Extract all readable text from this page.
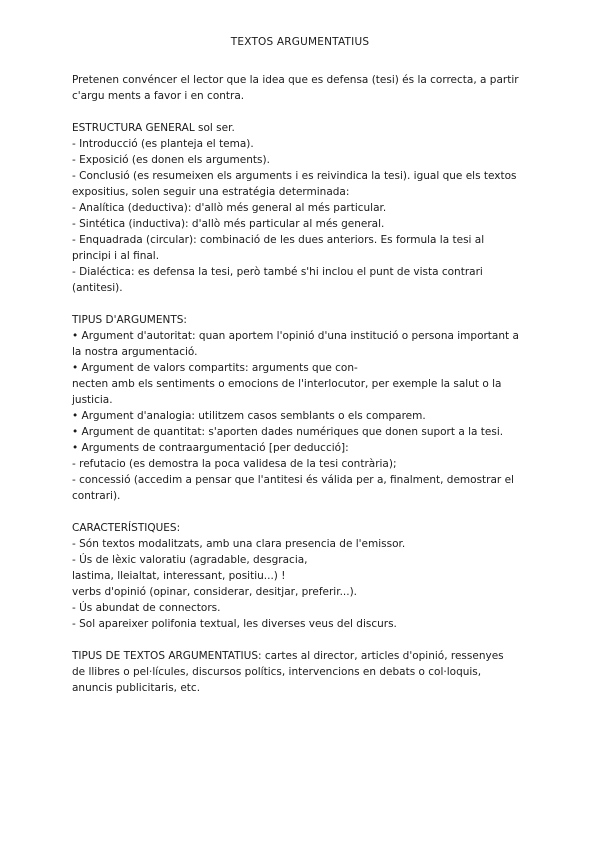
TEXTOS ARGUMENTATIUS
Pretenen convéncer el lector que la idea que es defensa (tesi) és la correcta, a partir
c'argu ments a favor i en contra.
ESTRUCTURA GENERAL sol ser.
- Introducció (es planteja el tema).
- Exposició (es donen els arguments).
- Conclusió (es resumeixen els arguments i es reivindica la tesi). igual que els textos
expositius, solen seguir una estratégia determinada:
- Analítica (deductiva): d'allò més general al més particular.
- Sintética (inductiva): d'allò més particular al més general.
- Enquadrada (circular): combinació de les dues anteriors. Es formula la tesi al
principi i al final.
- Dialéctica: es defensa la tesi, però també s'hi inclou el punt de vista contrari
(antitesi).
TIPUS D'ARGUMENTS:
• Argument d'autoritat: quan aportem l'opinió d'una institució o persona important a
la nostra argumentació.
• Argument de valors compartits: arguments que con-
necten amb els sentiments o emocions de l'interlocutor, per exemple la salut o la
justicia.
• Argument d'analogia: utilitzem casos semblants o els comparem.
• Argument de quantitat: s'aporten dades numériques que donen suport a la tesi.
• Arguments de contraargumentació [per deducció]:
- refutacio (es demostra la poca validesa de la tesi contrària);
- concessió (accedim a pensar que l'antitesi és válida per a, finalment, demostrar el
contrari).
CARACTERÍSTIQUES:
- Són textos modalitzats, amb una clara presencia de l'emissor.
- Ús de lèxic valoratiu (agradable, desgracia,
lastima, lleialtat, interessant, positiu...) !
verbs d'opinió (opinar, considerar, desitjar, preferir...).
- Ús abundat de connectors.
- Sol apareixer polifonia textual, les diverses veus del discurs.
TIPUS DE TEXTOS ARGUMENTATIUS: cartes al director, articles d'opinió, ressenyes
de llibres o pel·lícules, discursos polítics, intervencions en debats o col·loquis,
anuncis publicitaris, etc.
